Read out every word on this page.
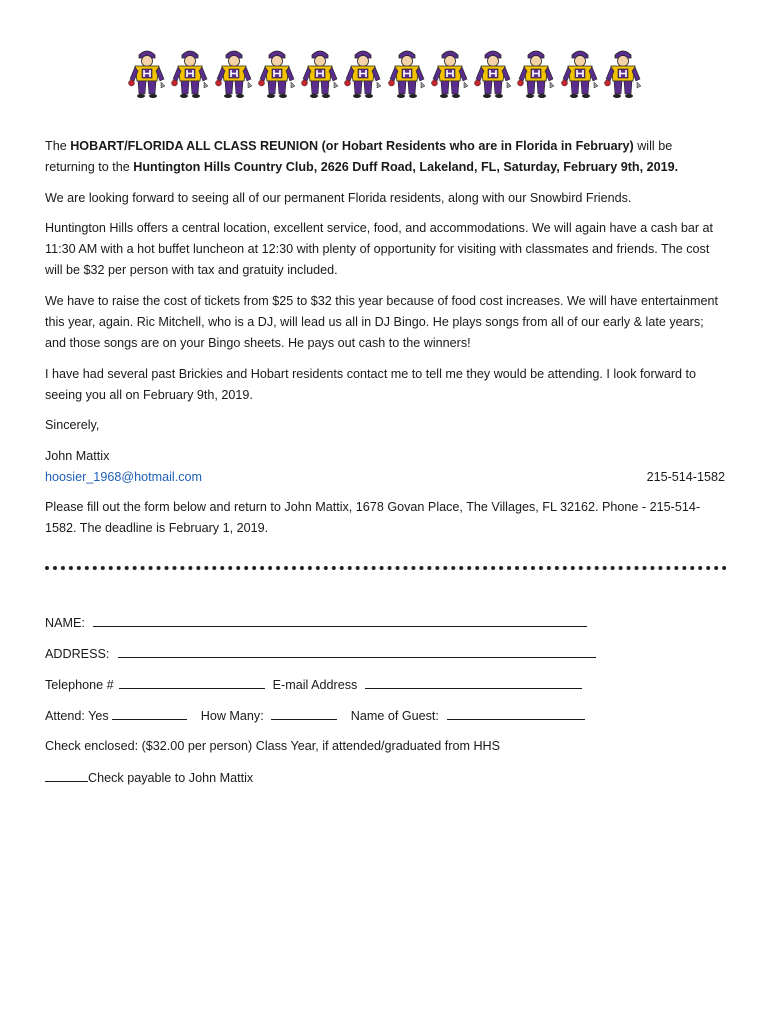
The HOBART/FLORIDA ALL CLASS REUNION (or Hobart Residents who are in Florida in February) will be returning to the Huntington Hills Country Club, 2626 Duff Road, Lakeland, FL, Saturday, February 9th, 2019.

We are looking forward to seeing all of our permanent Florida residents, along with our Snowbird Friends.

Huntington Hills offers a central location, excellent service, food, and accommodations. We will again have a cash bar at 11:30 AM with a hot buffet luncheon at 12:30 with plenty of opportunity for visiting with classmates and friends. The cost will be $32 per person with tax and gratuity included.

We have to raise the cost of tickets from $25 to $32 this year because of food cost increases. We will have entertainment this year, again. Ric Mitchell, who is a DJ, will lead us all in DJ Bingo. He plays songs from all of our early & late years; and those songs are on your Bingo sheets. He pays out cash to the winners!

I have had several past Brickies and Hobart residents contact me to tell me they would be attending. I look forward to seeing you all on February 9th, 2019.

Sincerely,

John Mattix
hoosier_1968@hotmail.com	215-514-1582

Please fill out the form below and return to John Mattix, 1678 Govan Place, The Villages, FL 32162. Phone - 215-514-1582. The deadline is February 1, 2019.

NAME:
ADDRESS:
Telephone #	E-mail Address
Attend: Yes	How Many:	Name of Guest:
Check enclosed: ($32.00 per person) Class Year, if attended/graduated from HHS
Check payable to John Mattix
